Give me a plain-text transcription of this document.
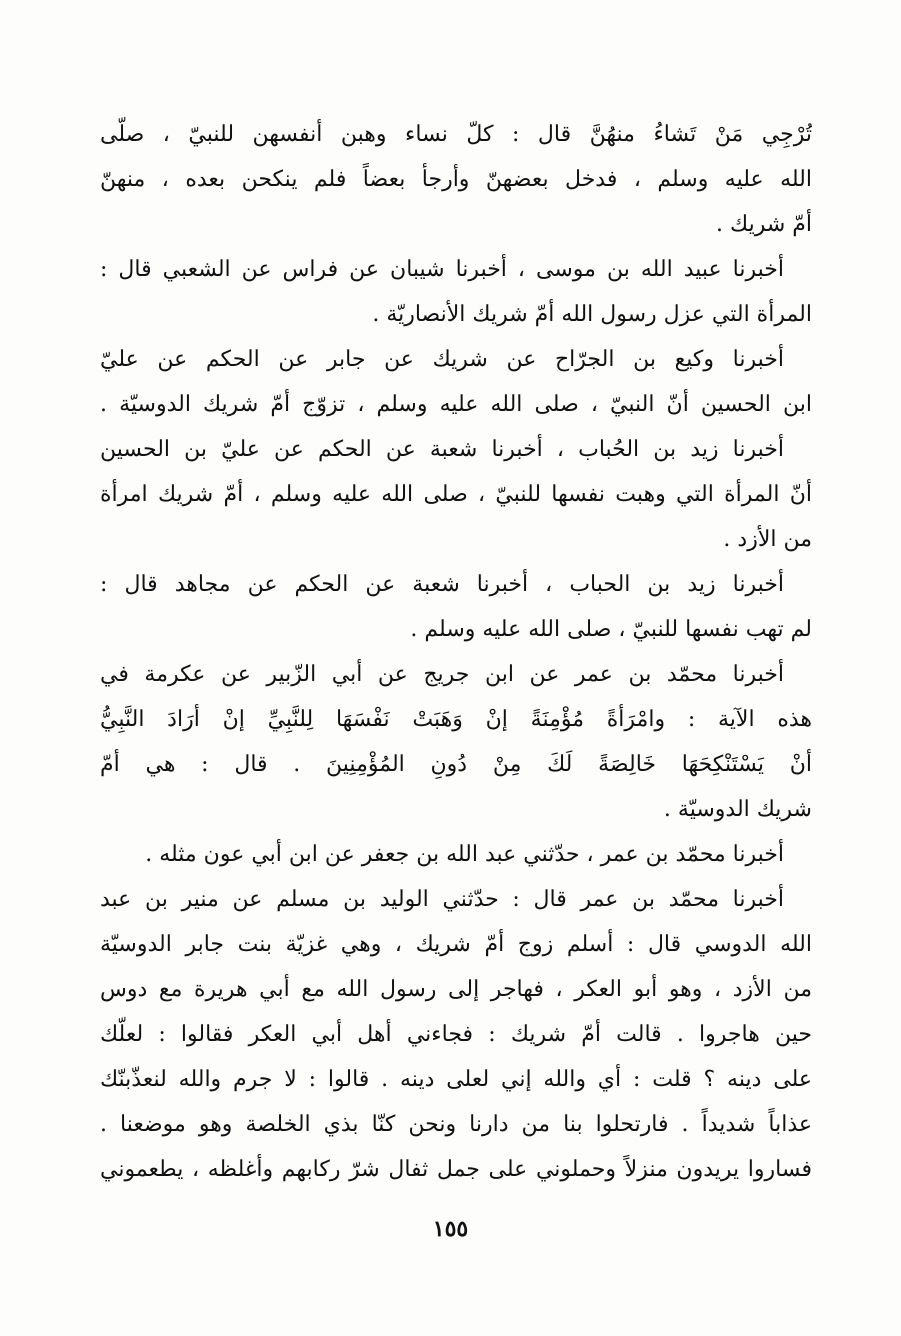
تُرْجِي مَنْ تَشاءُ منهُنَّ قال : كلّ نساء وهبن أنفسهن للنبيّ ، صلّى
الله عليه وسلم ، فدخل بعضهنّ وأرجأ بعضاً فلم ينكحن بعده ، منهنّ
أمّ شريك .
أخبرنا عبيد الله بن موسى ، أخبرنا شيبان عن فراس عن الشعبي قال :
المرأة التي عزل رسول الله أمّ شريك الأنصاريّة .
أخبرنا وكيع بن الجرّاح عن شريك عن جابر عن الحكم عن عليّ
ابن الحسين أنّ النبيّ ، صلى الله عليه وسلم ، تزوّج أمّ شريك الدوسيّة .
أخبرنا زيد بن الحُباب ، أخبرنا شعبة عن الحكم عن عليّ بن الحسين
أنّ المرأة التي وهبت نفسها للنبيّ ، صلى الله عليه وسلم ، أمّ شريك امرأة
من الأزد .
أخبرنا زيد بن الحباب ، أخبرنا شعبة عن الحكم عن مجاهد قال :
لم تهب نفسها للنبيّ ، صلى الله عليه وسلم .
أخبرنا محمّد بن عمر عن ابن جريج عن أبي الزّبير عن عكرمة في
هذه الآية : وامْرَأةً مُؤْمِنَةً إنْ وَهَبَتْ نَفْسَهَا لِلنَّبِيِّ إنْ أرَادَ النَّبِيُّ
أنْ يَسْتَنْكِحَهَا خَالِصَةً لَكَ مِنْ دُونِ المُؤْمِنِينَ . قال : هي أمّ
شريك الدوسيّة .
أخبرنا محمّد بن عمر ، حدّثني عبد الله بن جعفر عن ابن أبي عون مثله .
أخبرنا محمّد بن عمر قال : حدّثني الوليد بن مسلم عن منير بن عبد
الله الدوسي قال : أسلم زوج أمّ شريك ، وهي غزيّة بنت جابر الدوسيّة
من الأزد ، وهو أبو العكر ، فهاجر إلى رسول الله مع أبي هريرة مع دوس
حين هاجروا . قالت أمّ شريك : فجاءني أهل أبي العكر فقالوا : لعلّك
على دينه ؟ قلت : أي والله إني لعلى دينه . قالوا : لا جرم والله لنعذّبنّك
عذاباً شديداً . فارتحلوا بنا من دارنا ونحن كنّا بذي الخلصة وهو موضعنا .
فساروا يريدون منزلاً وحملوني على جمل ثفال شرّ ركابهم وأغلظه ، يطعموني
١٥٥
